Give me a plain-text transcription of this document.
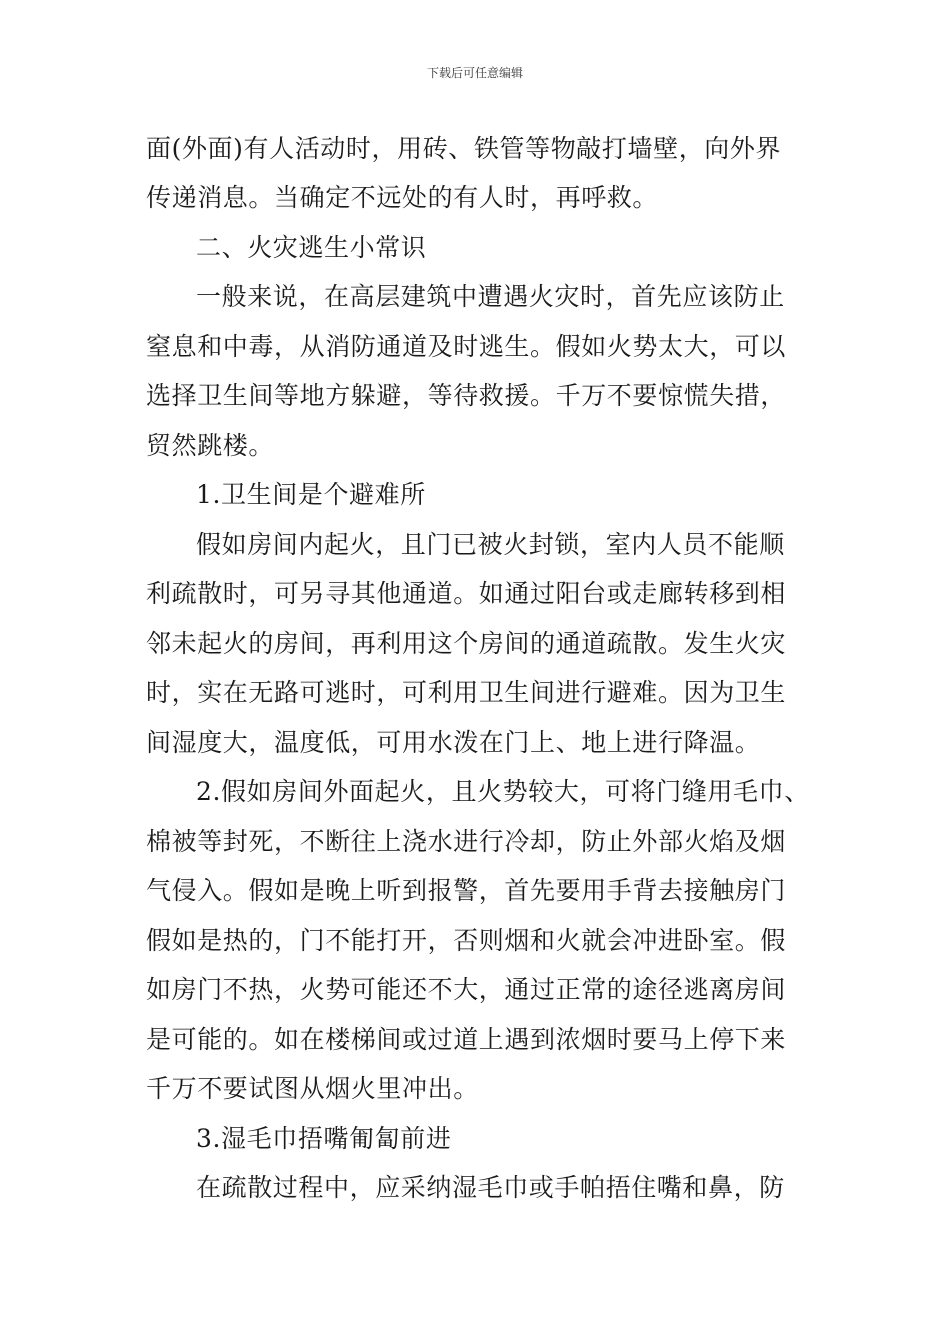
下载后可任意编辑
面(外面)有人活动时，用砖、铁管等物敲打墙壁，向外界
传递消息。当确定不远处的有人时，再呼救。
二、火灾逃生小常识
一般来说，在高层建筑中遭遇火灾时，首先应该防止
窒息和中毒，从消防通道及时逃生。假如火势太大，可以
选择卫生间等地方躲避，等待救援。千万不要惊慌失措，
贸然跳楼。
1.卫生间是个避难所
假如房间内起火，且门已被火封锁，室内人员不能顺
利疏散时，可另寻其他通道。如通过阳台或走廊转移到相
邻未起火的房间，再利用这个房间的通道疏散。发生火灾
时，实在无路可逃时，可利用卫生间进行避难。因为卫生
间湿度大，温度低，可用水泼在门上、地上进行降温。
2.假如房间外面起火，且火势较大，可将门缝用毛巾、
棉被等封死，不断往上浇水进行冷却，防止外部火焰及烟
气侵入。假如是晚上听到报警，首先要用手背去接触房门
假如是热的，门不能打开，否则烟和火就会冲进卧室。假
如房门不热，火势可能还不大，通过正常的途径逃离房间
是可能的。如在楼梯间或过道上遇到浓烟时要马上停下来
千万不要试图从烟火里冲出。
3.湿毛巾捂嘴匍匐前进
在疏散过程中，应采纳湿毛巾或手帕捂住嘴和鼻，防
